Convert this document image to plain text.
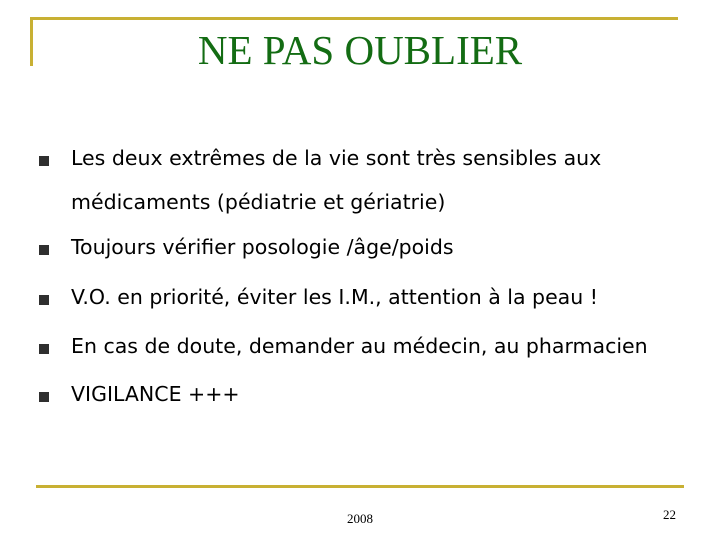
NE PAS OUBLIER
Les deux extrêmes de la vie sont très sensibles aux
médicaments (pédiatrie et gériatrie)
Toujours vérifier posologie /âge/poids
V.O. en priorité, éviter les I.M., attention à la peau !
En cas de doute, demander au médecin, au pharmacien
VIGILANCE +++
2008	22
